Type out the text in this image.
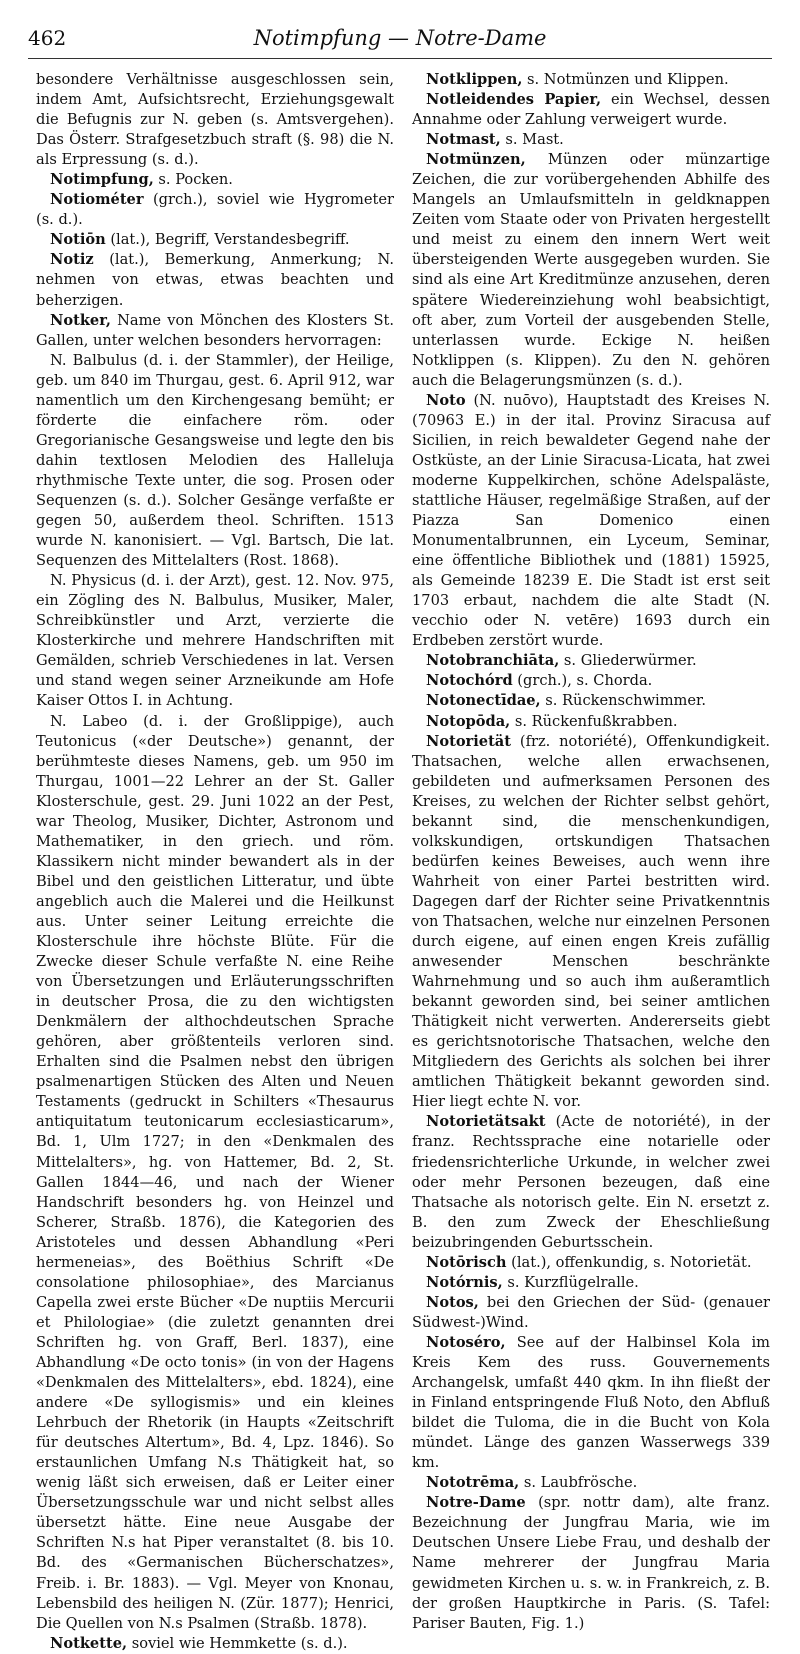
462	Notimpfung — Notre-Dame

besondere Verhältnisse ausgeschlossen sein, indem Amt, Aufsichtsrecht, Erziehungsgewalt die Befugnis zur N. geben (s. Amtsvergehen). Das Österr. Strafgesetzbuch straft (§. 98) die N. als Erpressung (s. d.).

Notimpfung, s. Pocken.

Notiométer (grch.), soviel wie Hygrometer (s. d.).

Notiōn (lat.), Begriff, Verstandesbegriff.

Notiz (lat.), Bemerkung, Anmerkung; N. nehmen von etwas, etwas beachten und beherzigen.

Notker, Name von Mönchen des Klosters St. Gallen, unter welchen besonders hervorragen:

N. Balbulus (d. i. der Stammler), der Heilige, geb. um 840 im Thurgau, gest. 6. April 912, war namentlich um den Kirchengesang bemüht; er förderte die einfachere röm. oder Gregorianische Gesangsweise und legte den bis dahin textlosen Melodien des Halleluja rhythmische Texte unter, die sog. Prosen oder Sequenzen (s. d.). Solcher Gesänge verfaßte er gegen 50, außerdem theol. Schriften. 1513 wurde N. kanonisiert. — Vgl. Bartsch, Die lat. Sequenzen des Mittelalters (Rost. 1868).

N. Physicus (d. i. der Arzt), gest. 12. Nov. 975, ein Zögling des N. Balbulus, Musiker, Maler, Schreibkünstler und Arzt, verzierte die Klosterkirche und mehrere Handschriften mit Gemälden, schrieb Verschiedenes in lat. Versen und stand wegen seiner Arzneikunde am Hofe Kaiser Ottos I. in Achtung.

N. Labeo (d. i. der Großlippige), auch Teutonicus («der Deutsche») genannt, der berühmteste dieses Namens, geb. um 950 im Thurgau, 1001—22 Lehrer an der St. Galler Klosterschule, gest. 29. Juni 1022 an der Pest, war Theolog, Musiker, Dichter, Astronom und Mathematiker, in den griech. und röm. Klassikern nicht minder bewandert als in der Bibel und den geistlichen Litteratur, und übte angeblich auch die Malerei und die Heilkunst aus. Unter seiner Leitung erreichte die Klosterschule ihre höchste Blüte. Für die Zwecke dieser Schule verfaßte N. eine Reihe von Übersetzungen und Erläuterungsschriften in deutscher Prosa, die zu den wichtigsten Denkmälern der althochdeutschen Sprache gehören, aber größtenteils verloren sind. Erhalten sind die Psalmen nebst den übrigen psalmenartigen Stücken des Alten und Neuen Testaments (gedruckt in Schilters «Thesaurus antiquitatum teutonicarum ecclesiasticarum», Bd. 1, Ulm 1727; in den «Denkmalen des Mittelalters», hg. von Hattemer, Bd. 2, St. Gallen 1844—46, und nach der Wiener Handschrift besonders hg. von Heinzel und Scherer, Straßb. 1876), die Kategorien des Aristoteles und dessen Abhandlung «Peri hermeneias», des Boëthius Schrift «De consolatione philosophiae», des Marcianus Capella zwei erste Bücher «De nuptiis Mercurii et Philologiae» (die zuletzt genannten drei Schriften hg. von Graff, Berl. 1837), eine Abhandlung «De octo tonis» (in von der Hagens «Denkmalen des Mittelalters», ebd. 1824), eine andere «De syllogismis» und ein kleines Lehrbuch der Rhetorik (in Haupts «Zeitschrift für deutsches Altertum», Bd. 4, Lpz. 1846). So erstaunlichen Umfang N.s Thätigkeit hat, so wenig läßt sich erweisen, daß er Leiter einer Übersetzungsschule war und nicht selbst alles übersetzt hätte. Eine neue Ausgabe der Schriften N.s hat Piper veranstaltet (8. bis 10. Bd. des «Germanischen Bücherschatzes», Freib. i. Br. 1883). — Vgl. Meyer von Knonau, Lebensbild des heiligen N. (Zür. 1877); Henrici, Die Quellen von N.s Psalmen (Straßb. 1878).

Notkette, soviel wie Hemmkette (s. d.).

Notklippen, s. Notmünzen und Klippen.

Notleidendes Papier, ein Wechsel, dessen Annahme oder Zahlung verweigert wurde.

Notmast, s. Mast.

Notmünzen, Münzen oder münzartige Zeichen, die zur vorübergehenden Abhilfe des Mangels an Umlaufsmitteln in geldknappen Zeiten vom Staate oder von Privaten hergestellt und meist zu einem den innern Wert weit übersteigenden Werte ausgegeben wurden. Sie sind als eine Art Kreditmünze anzusehen, deren spätere Wiedereinziehung wohl beabsichtigt, oft aber, zum Vorteil der ausgebenden Stelle, unterlassen wurde. Eckige N. heißen Notklippen (s. Klippen). Zu den N. gehören auch die Belagerungsmünzen (s. d.).

Noto (N. nuōvo), Hauptstadt des Kreises N. (70963 E.) in der ital. Provinz Siracusa auf Sicilien, in reich bewaldeter Gegend nahe der Ostküste, an der Linie Siracusa-Licata, hat zwei moderne Kuppelkirchen, schöne Adelspaläste, stattliche Häuser, regelmäßige Straßen, auf der Piazza San Domenico einen Monumentalbrunnen, ein Lyceum, Seminar, eine öffentliche Bibliothek und (1881) 15925, als Gemeinde 18239 E. Die Stadt ist erst seit 1703 erbaut, nachdem die alte Stadt (N. vecchio oder N. vetēre) 1693 durch ein Erdbeben zerstört wurde.

Notobranchiāta, s. Gliederwürmer.

Notochórd (grch.), s. Chorda.

Notonectīdae, s. Rückenschwimmer.

Notopōda, s. Rückenfußkrabben.

Notorietät (frz. notoriété), Offenkundigkeit. Thatsachen, welche allen erwachsenen, gebildeten und aufmerksamen Personen des Kreises, zu welchen der Richter selbst gehört, bekannt sind, die menschenkundigen, volkskundigen, ortskundigen Thatsachen bedürfen keines Beweises, auch wenn ihre Wahrheit von einer Partei bestritten wird. Dagegen darf der Richter seine Privatkenntnis von Thatsachen, welche nur einzelnen Personen durch eigene, auf einen engen Kreis zufällig anwesender Menschen beschränkte Wahrnehmung und so auch ihm außeramtlich bekannt geworden sind, bei seiner amtlichen Thätigkeit nicht verwerten. Andererseits giebt es gerichtsnotorische Thatsachen, welche den Mitgliedern des Gerichts als solchen bei ihrer amtlichen Thätigkeit bekannt geworden sind. Hier liegt echte N. vor.

Notorietätsakt (Acte de notoriété), in der franz. Rechtssprache eine notarielle oder friedensrichterliche Urkunde, in welcher zwei oder mehr Personen bezeugen, daß eine Thatsache als notorisch gelte. Ein N. ersetzt z. B. den zum Zweck der Eheschließung beizubringenden Geburtsschein.

Notōrisch (lat.), offenkundig, s. Notorietät.

Notórnis, s. Kurzflügelralle.

Notos, bei den Griechen der Süd- (genauer Südwest-)Wind.

Notoséro, See auf der Halbinsel Kola im Kreis Kem des russ. Gouvernements Archangelsk, umfaßt 440 qkm. In ihn fließt der in Finland entspringende Fluß Noto, den Abfluß bildet die Tuloma, die in die Bucht von Kola mündet. Länge des ganzen Wasserwegs 339 km.

Nototrēma, s. Laubfrösche.

Notre-Dame (spr. nottr dam), alte franz. Bezeichnung der Jungfrau Maria, wie im Deutschen Unsere Liebe Frau, und deshalb der Name mehrerer der Jungfrau Maria gewidmeten Kirchen u. s. w. in Frankreich, z. B. der großen Hauptkirche in Paris. (S. Tafel: Pariser Bauten, Fig. 1.)
